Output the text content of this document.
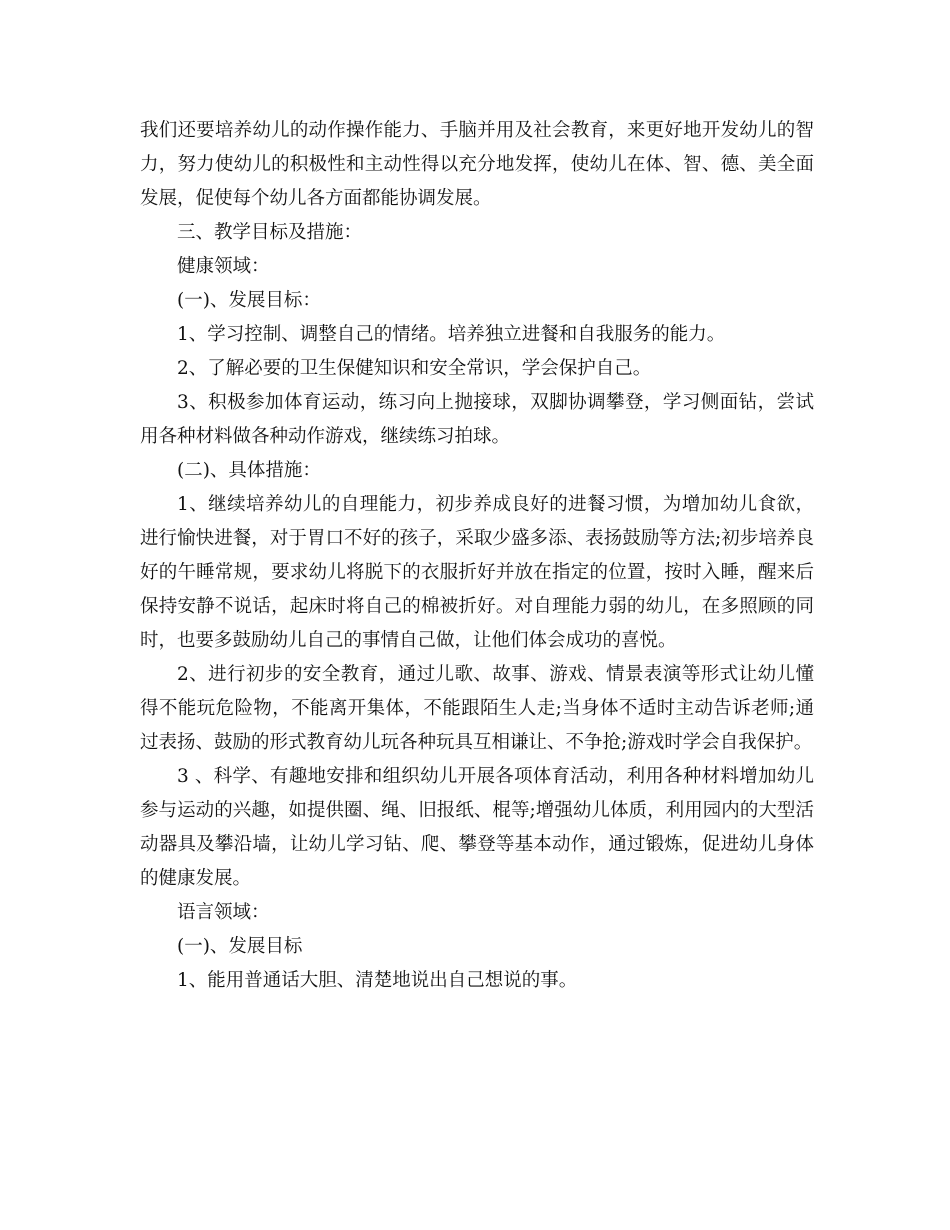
我们还要培养幼儿的动作操作能力、手脑并用及社会教育，来更好地开发幼儿的智力，努力使幼儿的积极性和主动性得以充分地发挥，使幼儿在体、智、德、美全面发展，促使每个幼儿各方面都能协调发展。

三、教学目标及措施：

健康领域：

(一)、发展目标：

1、学习控制、调整自己的情绪。培养独立进餐和自我服务的能力。

2、了解必要的卫生保健知识和安全常识，学会保护自己。

3、积极参加体育运动，练习向上抛接球，双脚协调攀登，学习侧面钻，尝试用各种材料做各种动作游戏，继续练习拍球。

(二)、具体措施：

1、继续培养幼儿的自理能力，初步养成良好的进餐习惯，为增加幼儿食欲，进行愉快进餐，对于胃口不好的孩子，采取少盛多添、表扬鼓励等方法;初步培养良好的午睡常规，要求幼儿将脱下的衣服折好并放在指定的位置，按时入睡，醒来后保持安静不说话，起床时将自己的棉被折好。对自理能力弱的幼儿，在多照顾的同时，也要多鼓励幼儿自己的事情自己做，让他们体会成功的喜悦。

2、进行初步的安全教育，通过儿歌、故事、游戏、情景表演等形式让幼儿懂得不能玩危险物，不能离开集体，不能跟陌生人走;当身体不适时主动告诉老师;通过表扬、鼓励的形式教育幼儿玩各种玩具互相谦让、不争抢;游戏时学会自我保护。

3 、科学、有趣地安排和组织幼儿开展各项体育活动，利用各种材料增加幼儿参与运动的兴趣，如提供圈、绳、旧报纸、棍等;增强幼儿体质，利用园内的大型活动器具及攀沿墙，让幼儿学习钻、爬、攀登等基本动作，通过锻炼，促进幼儿身体的健康发展。

语言领域：

(一)、发展目标

1、能用普通话大胆、清楚地说出自己想说的事。
